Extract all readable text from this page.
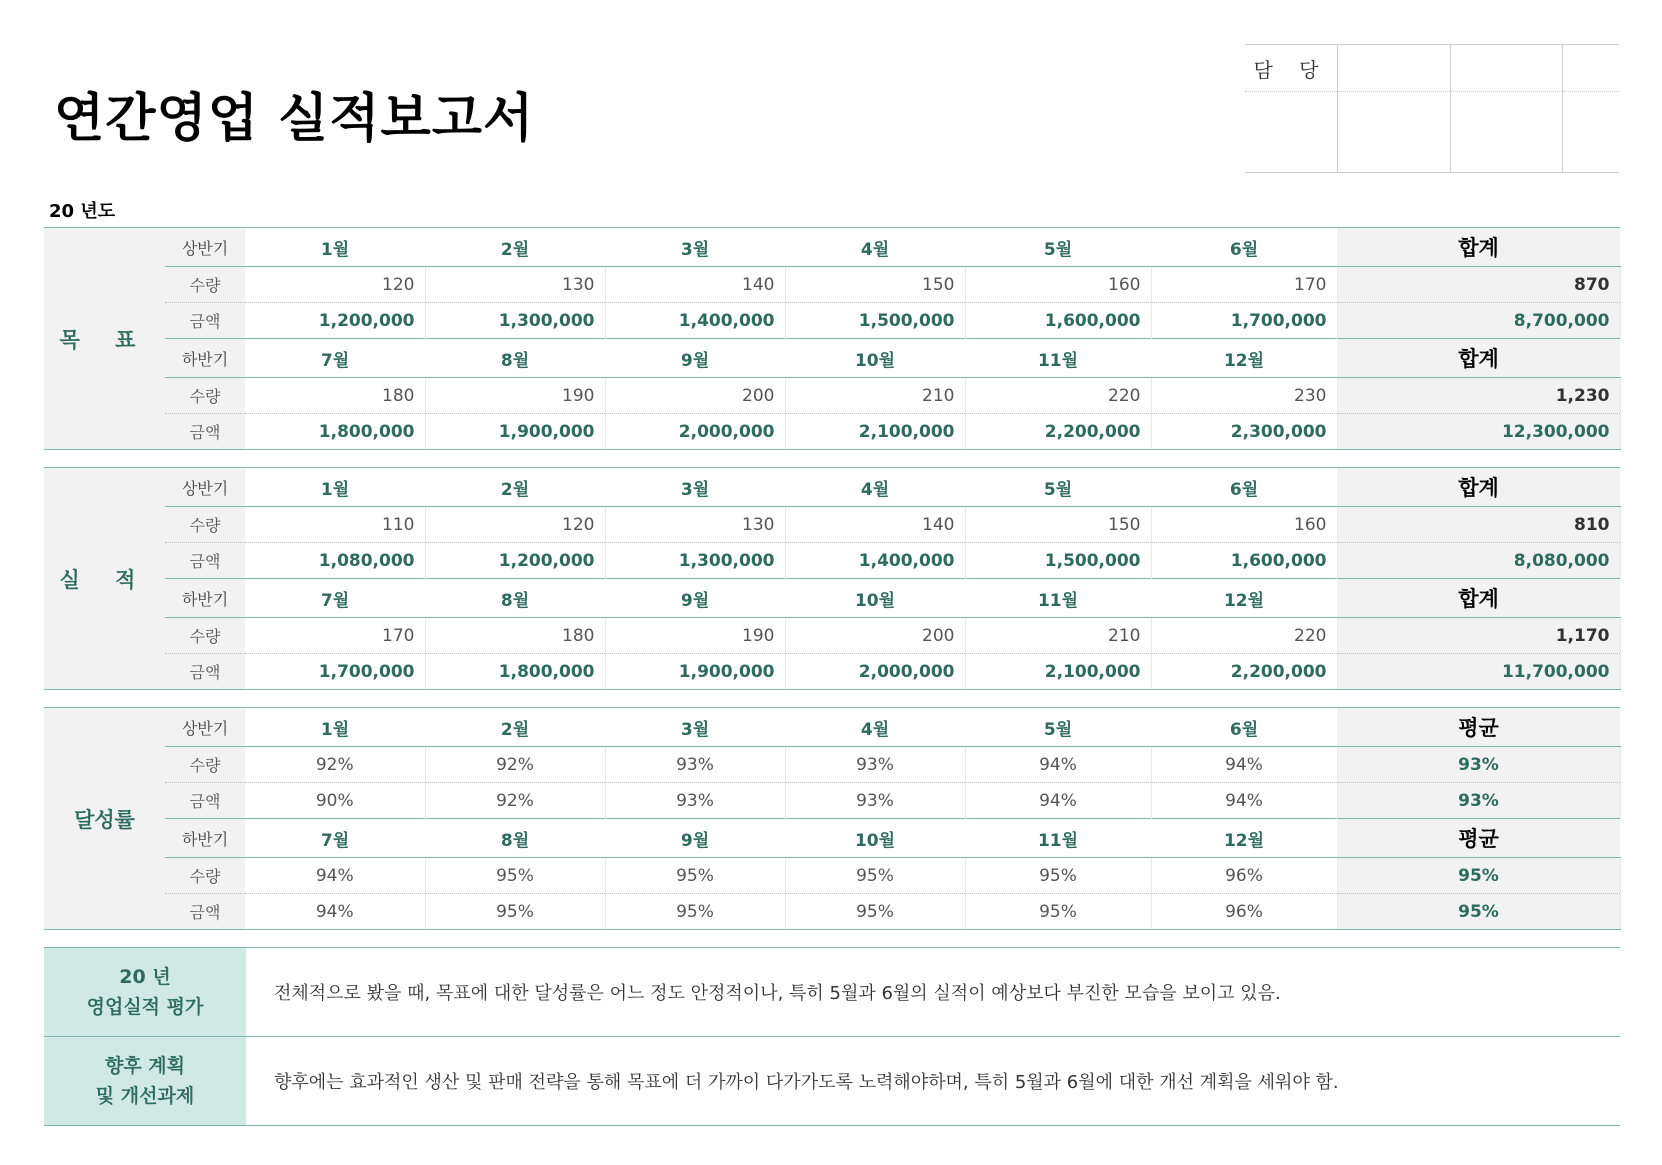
연간영업 실적보고서
담 당			

20 년도
목 표	상반기	1월	2월	3월	4월	5월	6월	합계
	수량	120	130	140	150	160	170	870
	금액	1,200,000	1,300,000	1,400,000	1,500,000	1,600,000	1,700,000	8,700,000
	하반기	7월	8월	9월	10월	11월	12월	합계
	수량	180	190	200	210	220	230	1,230
	금액	1,800,000	1,900,000	2,000,000	2,100,000	2,200,000	2,300,000	12,300,000
실 적	상반기	1월	2월	3월	4월	5월	6월	합계
	수량	110	120	130	140	150	160	810
	금액	1,080,000	1,200,000	1,300,000	1,400,000	1,500,000	1,600,000	8,080,000
	하반기	7월	8월	9월	10월	11월	12월	합계
	수량	170	180	190	200	210	220	1,170
	금액	1,700,000	1,800,000	1,900,000	2,000,000	2,100,000	2,200,000	11,700,000
달성률	상반기	1월	2월	3월	4월	5월	6월	평균
	수량	92%	92%	93%	93%	94%	94%	93%
	금액	90%	92%	93%	93%	94%	94%	93%
	하반기	7월	8월	9월	10월	11월	12월	평균
	수량	94%	95%	95%	95%	95%	96%	95%
	금액	94%	95%	95%	95%	95%	96%	95%
20 년
영업실적 평가	전체적으로 봤을 때, 목표에 대한 달성률은 어느 정도 안정적이나, 특히 5월과 6월의 실적이 예상보다 부진한 모습을 보이고 있음.

향후 계획
및 개선과제	향후에는 효과적인 생산 및 판매 전략을 통해 목표에 더 가까이 다가가도록 노력해야하며, 특히 5월과 6월에 대한 개선 계획을 세워야 함.
